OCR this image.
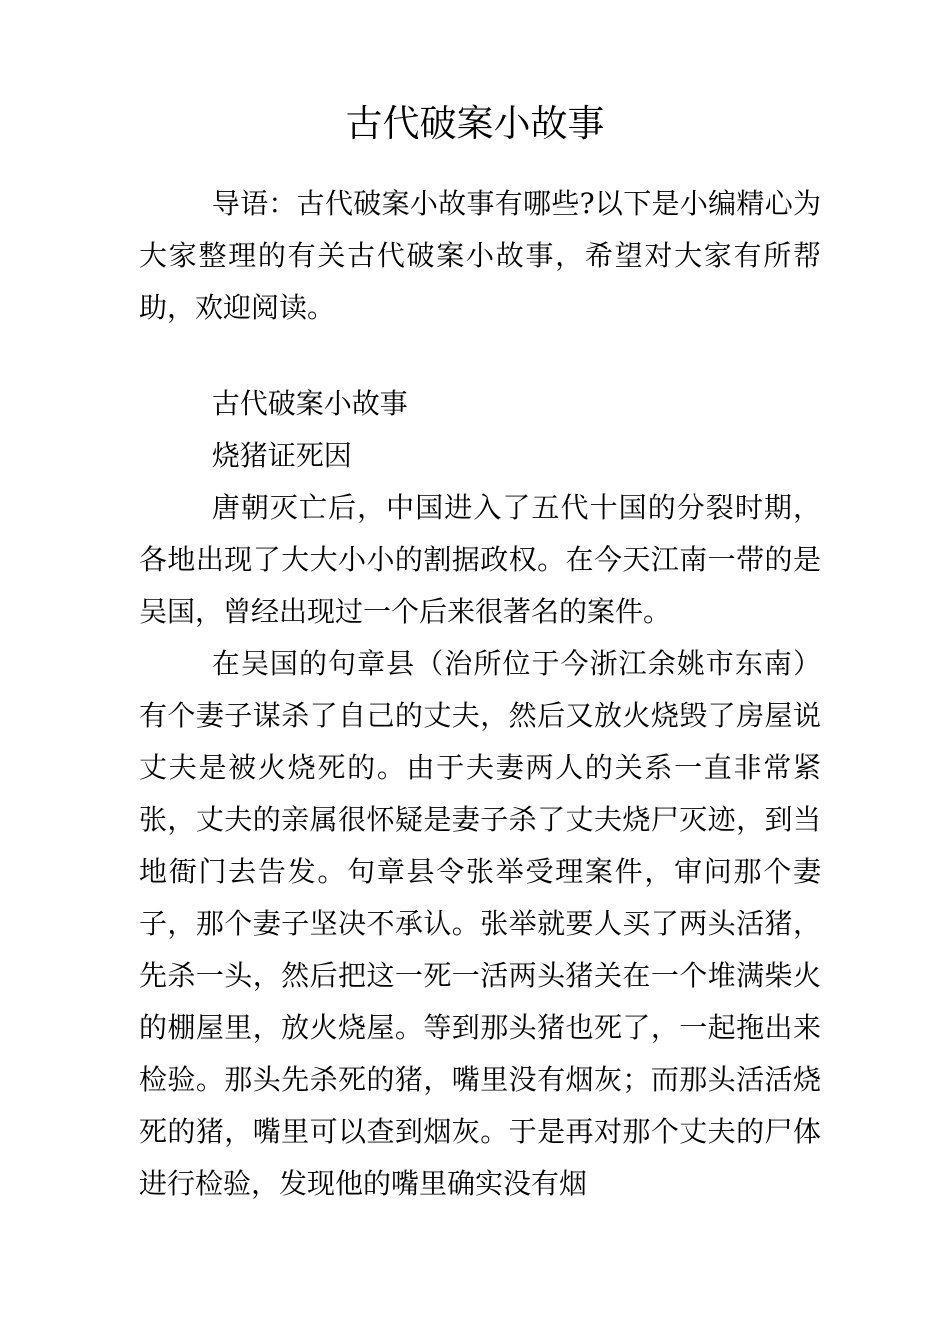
古代破案小故事

导语：古代破案小故事有哪些?以下是小编精心为大家整理的有关古代破案小故事，希望对大家有所帮助，欢迎阅读。

古代破案小故事

烧猪证死因

唐朝灭亡后，中国进入了五代十国的分裂时期，各地出现了大大小小的割据政权。在今天江南一带的是吴国，曾经出现过一个后来很著名的案件。

在吴国的句章县（治所位于今浙江余姚市东南）有个妻子谋杀了自己的丈夫，然后又放火烧毁了房屋说丈夫是被火烧死的。由于夫妻两人的关系一直非常紧张，丈夫的亲属很怀疑是妻子杀了丈夫烧尸灭迹，到当地衙门去告发。句章县令张举受理案件，审问那个妻子，那个妻子坚决不承认。张举就要人买了两头活猪，先杀一头，然后把这一死一活两头猪关在一个堆满柴火的棚屋里，放火烧屋。等到那头猪也死了，一起拖出来检验。那头先杀死的猪，嘴里没有烟灰；而那头活活烧死的猪，嘴里可以查到烟灰。于是再对那个丈夫的尸体进行检验，发现他的嘴里确实没有烟
